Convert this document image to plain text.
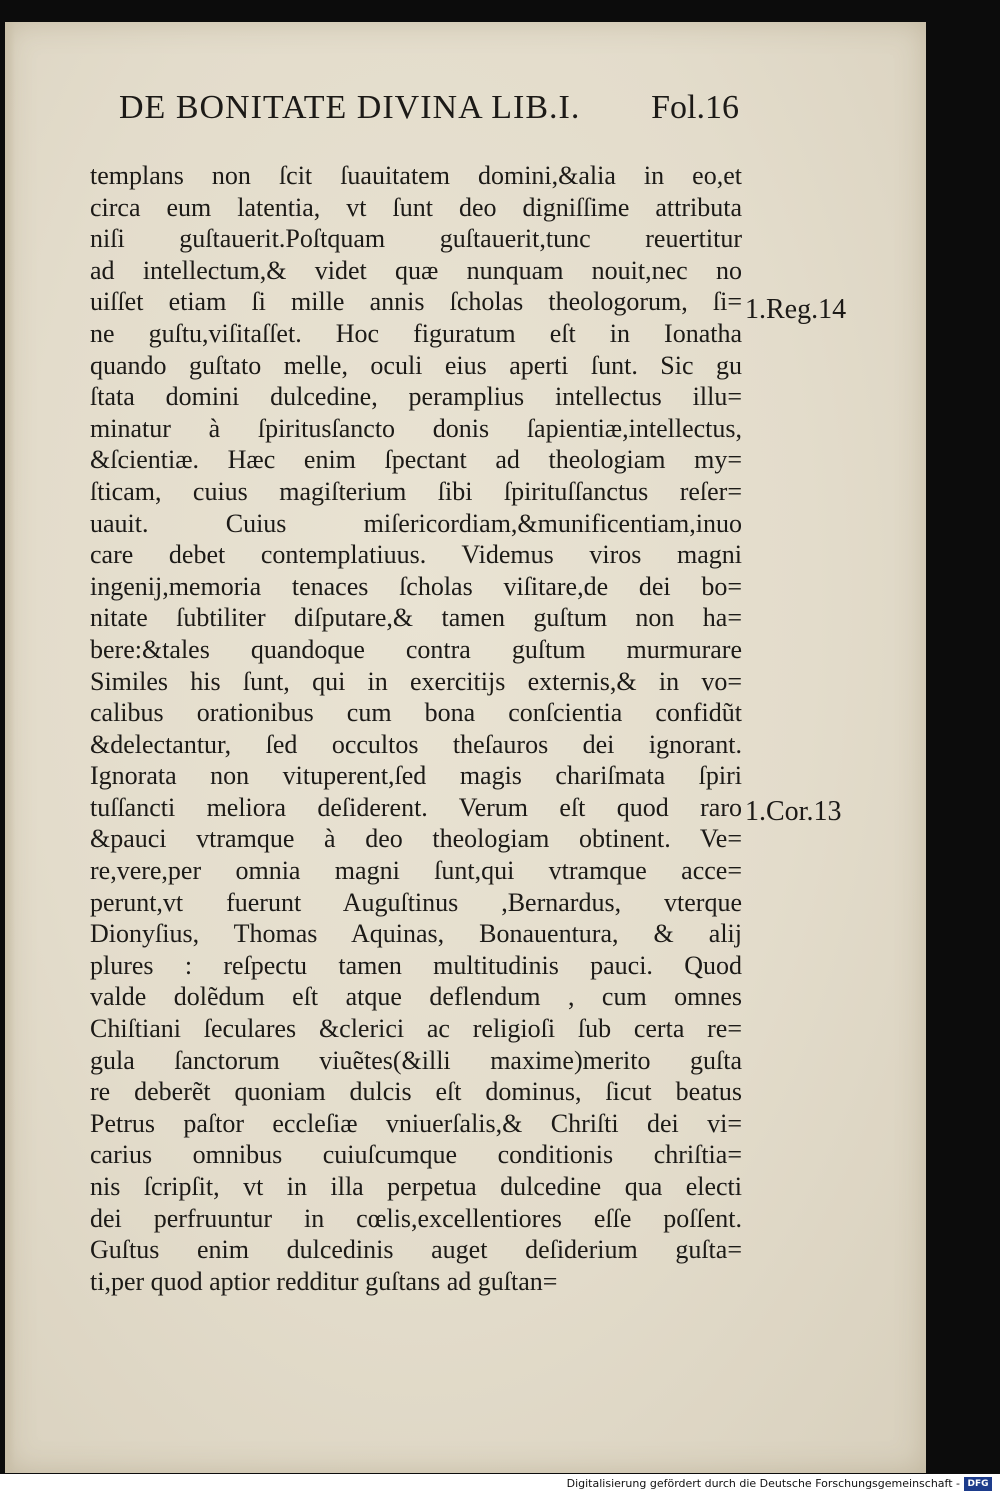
DE BONITATE DIVINA LIB.I. Fol.16
templans non ſcit ſuauitatem domini,&alia in eo,et
circa eum latentia, vt ſunt deo digniſſime attributa
niſi guſtauerit.Poſtquam guſtauerit,tunc reuertitur
ad intellectum,& videt quæ nunquam nouit,nec no
uiſſet etiam ſi mille annis ſcholas theologorum, ſi=
ne guſtu,viſitaſſet. Hoc figuratum eſt in Ionatha
quando guſtato melle, oculi eius aperti ſunt. Sic gu
ſtata domini dulcedine, peramplius intellectus illu=
minatur à ſpiritusſancto donis ſapientiæ,intellectus,
&ſcientiæ. Hæc enim ſpectant ad theologiam my=
ſticam, cuius magiſterium ſibi ſpirituſſanctus reſer=
uauit. Cuius miſericordiam,&munificentiam,inuo
care debet contemplatiuus. Videmus viros magni
ingenij,memoria tenaces ſcholas viſitare,de dei bo=
nitate ſubtiliter diſputare,& tamen guſtum non ha=
bere:&tales quandoque contra guſtum murmurare
Similes his ſunt, qui in exercitijs externis,& in vo=
calibus orationibus cum bona conſcientia confidũt
&delectantur, ſed occultos theſauros dei ignorant.
Ignorata non vituperent,ſed magis chariſmata ſpiri
tuſſancti meliora deſiderent. Verum eſt quod raro
&pauci vtramque à deo theologiam obtinent. Ve=
re,vere,per omnia magni ſunt,qui vtramque acce=
perunt,vt fuerunt Auguſtinus ,Bernardus, vterque
Dionyſius, Thomas Aquinas, Bonauentura, & alij
plures : reſpectu tamen multitudinis pauci. Quod
valde dolẽdum eſt atque deflendum , cum omnes
Chiſtiani ſeculares &clerici ac religioſi ſub certa re=
gula ſanctorum viuẽtes(&illi maxime)merito guſta
re deberẽt quoniam dulcis eſt dominus, ſicut beatus
Petrus paſtor eccleſiæ vniuerſalis,& Chriſti dei vi=
carius omnibus cuiuſcumque conditionis chriſtia=
nis ſcripſit, vt in illa perpetua dulcedine qua electi
dei perfruuntur in cœlis,excellentiores eſſe poſſent.
Guſtus enim dulcedinis auget deſiderium guſta=
ti,per quod aptior redditur guſtans ad guſtan=
1.Reg.14
1.Cor.13
Digitalisierung gefördert durch die Deutsche Forschungsgemeinschaft - DFG
